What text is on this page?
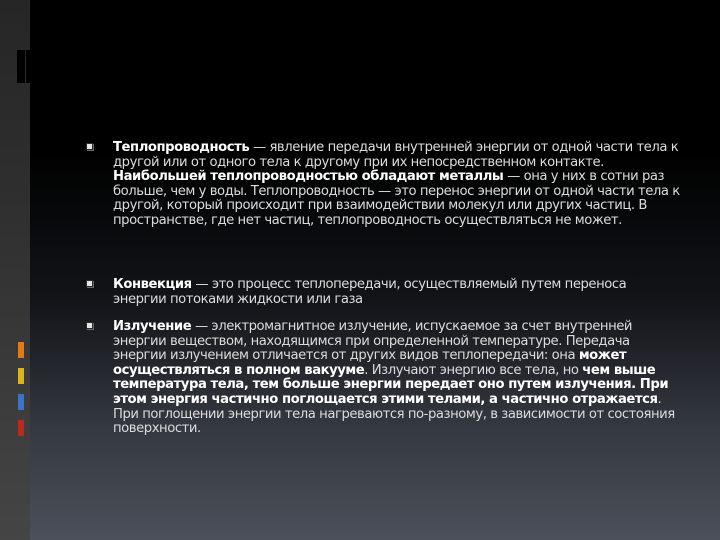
Теплопроводность — явление передачи внутренней энергии от одной части тела к другой или от одного тела к другому при их непосредственном контакте.
Наибольшей теплопроводностью обладают металлы — она у них в сотни раз больше, чем у воды. Теплопроводность — это перенос энергии от одной части тела к другой, который происходит при взаимодействии молекул или других частиц. В пространстве, где нет частиц, теплопроводность осуществляться не может.

Конвекция — это процесс теплопередачи, осуществляемый путем переноса энергии потоками жидкости или газа

Излучение — электромагнитное излучение, испускаемое за счет внутренней энергии веществом, находящимся при определенной температуре. Передача энергии излучением отличается от других видов теплопередачи: она может осуществляться в полном вакууме. Излучают энергию все тела, но чем выше температура тела, тем больше энергии передает оно путем излучения. При этом энергия частично поглощается этими телами, а частично отражается. При поглощении энергии тела нагреваются по-разному, в зависимости от состояния поверхности.
